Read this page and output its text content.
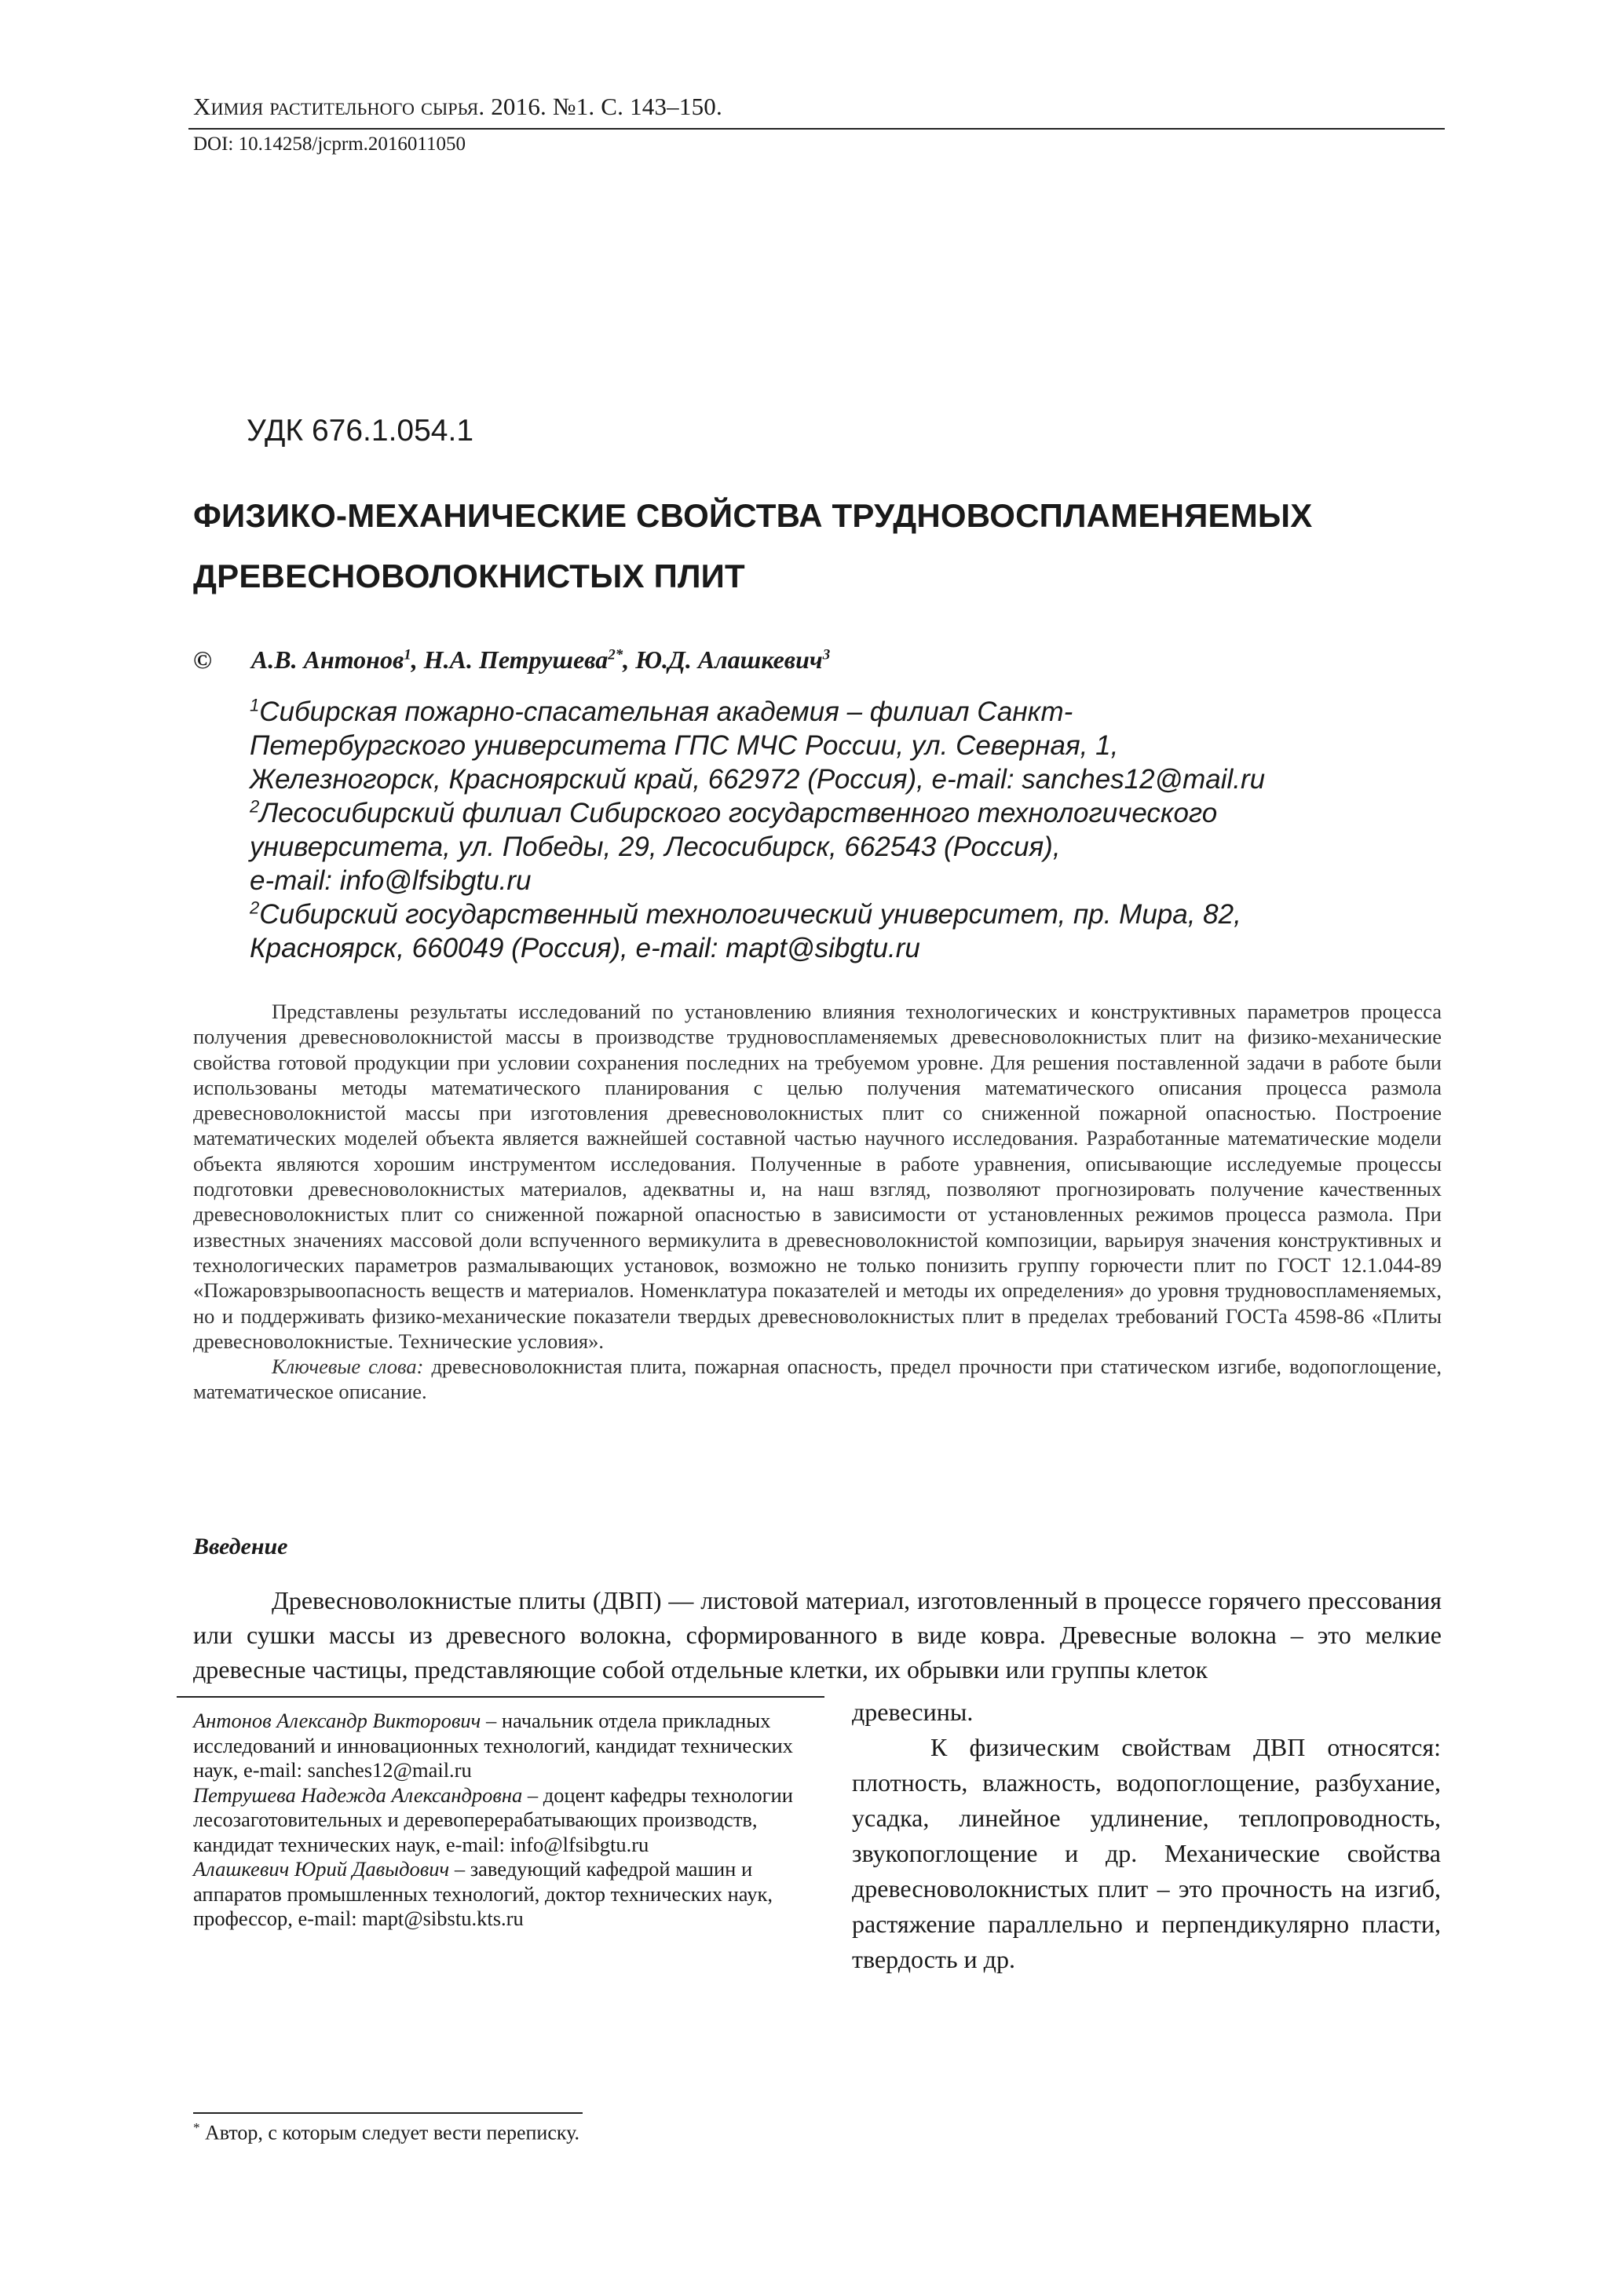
Химия растительного сырья. 2016. №1. С. 143–150.
DOI: 10.14258/jcprm.2016011050
УДК 676.1.054.1
ФИЗИКО-МЕХАНИЧЕСКИЕ СВОЙСТВА ТРУДНОВОСПЛАМЕНЯЕМЫХ
ДРЕВЕСНОВОЛОКНИСТЫХ ПЛИТ
© А.В. Антонов$^1$, Н.А. Петрушева$^{2*}$, Ю.Д. Алашкевич$^3$
$^1$Сибирская пожарно-спасательная академия – филиал Санкт-
Петербургского университета ГПС МЧС России, ул. Северная, 1,
Железногорск, Красноярский край, 662972 (Россия), e-mail: sanches12@mail.ru
$^2$Лесосибирский филиал Сибирского государственного технологического
университета, ул. Победы, 29, Лесосибирск, 662543 (Россия),
e-mail: info@lfsibgtu.ru
$^2$Сибирский государственный технологический университет, пр. Мира, 82,
Красноярск, 660049 (Россия), e-mail: mapt@sibgtu.ru

Представлены результаты исследований по установлению влияния технологических и конструктивных параметров процесса получения древесноволокнистой массы в производстве трудновоспламеняемых древесноволокнистых плит на физико-механические свойства готовой продукции при условии сохранения последних на требуемом уровне. Для решения поставленной задачи в работе были использованы методы математического планирования с целью получения математического описания процесса размола древесноволокнистой массы при изготовления древесноволокнистых плит со сниженной пожарной опасностью. Построение математических моделей объекта является важнейшей составной частью научного исследования. Разработанные математические модели объекта являются хорошим инструментом исследования. Полученные в работе уравнения, описывающие исследуемые процессы подготовки древесноволокнистых материалов, адекватны и, на наш взгляд, позволяют прогнозировать получение качественных древесноволокнистых плит со сниженной пожарной опасностью в зависимости от установленных режимов процесса размола. При известных значениях массовой доли вспученного вермикулита в древесноволокнистой композиции, варьируя значения конструктивных и технологических параметров размалывающих установок, возможно не только понизить группу горючести плит по ГОСТ 12.1.044-89 «Пожаровзрывоопасность веществ и материалов. Номенклатура показателей и методы их определения» до уровня трудновоспламеняемых, но и поддерживать физико-механические показатели твердых древесноволокнистых плит в пределах требований ГОСТа 4598-86 «Плиты древесноволокнистые. Технические условия».

Ключевые слова: древесноволокнистая плита, пожарная опасность, предел прочности при статическом изгибе, водопоглощение, математическое описание.

Введение

Древесноволокнистые плиты (ДВП) — листовой материал, изготовленный в процессе горячего прессования или сушки массы из древесного волокна, сформированного в виде ковра. Древесные волокна – это мелкие древесные частицы, представляющие собой отдельные клетки, их обрывки или группы клеток

Антонов Александр Викторович – начальник отдела прикладных исследований и инновационных технологий, кандидат технических наук, e-mail: sanches12@mail.ru

Петрушева Надежда Александровна – доцент кафедры технологии лесозаготовительных и деревоперерабатывающих производств, кандидат технических наук, e-mail: info@lfsibgtu.ru

Алашкевич Юрий Давыдович – заведующий кафедрой машин и аппаратов промышленных технологий, доктор технических наук, профессор, e-mail: mapt@sibstu.kts.ru

древесины.

К физическим свойствам ДВП относятся: плотность, влажность, водопоглощение, разбухание, усадка, линейное удлинение, теплопроводность, звукопоглощение и др. Механические свойства древесноволокнистых плит – это прочность на изгиб, растяжение параллельно и перпендикулярно пласти, твердость и др.

* Автор, с которым следует вести переписку.
